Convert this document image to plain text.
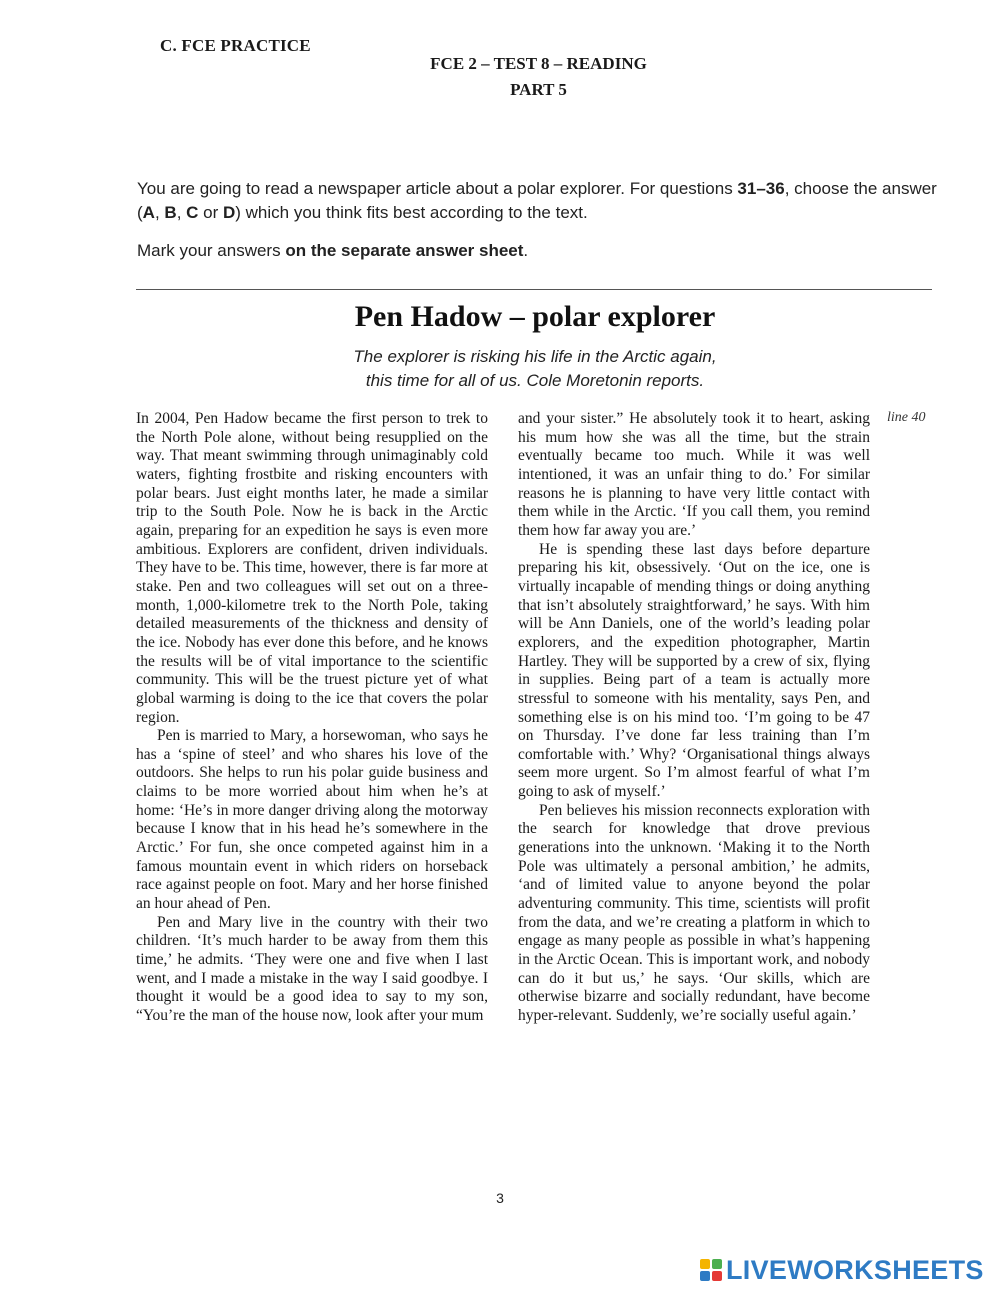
C. FCE PRACTICE
FCE 2 – TEST 8 – READING
PART 5

You are going to read a newspaper article about a polar explorer. For questions 31–36, choose the answer (A, B, C or D) which you think fits best according to the text.

Mark your answers on the separate answer sheet.

Pen Hadow – polar explorer
The explorer is risking his life in the Arctic again,
this time for all of us. Cole Moretonin reports.

In 2004, Pen Hadow became the first person to trek to the North Pole alone, without being resupplied on the way. That meant swimming through unimaginably cold waters, fighting frostbite and risking encounters with polar bears. Just eight months later, he made a similar trip to the South Pole. Now he is back in the Arctic again, preparing for an expedition he says is even more ambitious. Explorers are confident, driven individuals. They have to be. This time, however, there is far more at stake. Pen and two colleagues will set out on a three-month, 1,000-kilometre trek to the North Pole, taking detailed measurements of the thickness and density of the ice. Nobody has ever done this before, and he knows the results will be of vital importance to the scientific community. This will be the truest picture yet of what global warming is doing to the ice that covers the polar region.

Pen is married to Mary, a horsewoman, who says he has a ‘spine of steel’ and who shares his love of the outdoors. She helps to run his polar guide business and claims to be more worried about him when he’s at home: ‘He’s in more danger driving along the motorway because I know that in his head he’s somewhere in the Arctic.’ For fun, she once competed against him in a famous mountain event in which riders on horseback race against people on foot. Mary and her horse finished an hour ahead of Pen.

Pen and Mary live in the country with their two children. ‘It’s much harder to be away from them this time,’ he admits. ‘They were one and five when I last went, and I made a mistake in the way I said goodbye. I thought it would be a good idea to say to my son, “You’re the man of the house now, look after your mum

and your sister.” He absolutely took it to heart, asking his mum how she was all the time, but the strain eventually became too much. While it was well intentioned, it was an unfair thing to do.’ For similar reasons he is planning to have very little contact with them while in the Arctic. ‘If you call them, you remind them how far away you are.’

He is spending these last days before departure preparing his kit, obsessively. ‘Out on the ice, one is virtually incapable of mending things or doing anything that isn’t absolutely straightforward,’ he says. With him will be Ann Daniels, one of the world’s leading polar explorers, and the expedition photographer, Martin Hartley. They will be supported by a crew of six, flying in supplies. Being part of a team is actually more stressful to someone with his mentality, says Pen, and something else is on his mind too. ‘I’m going to be 47 on Thursday. I’ve done far less training than I’m comfortable with.’ Why? ‘Organisational things always seem more urgent. So I’m almost fearful of what I’m going to ask of myself.’

Pen believes his mission reconnects exploration with the search for knowledge that drove previous generations into the unknown. ‘Making it to the North Pole was ultimately a personal ambition,’ he admits, ‘and of limited value to anyone beyond the polar adventuring community. This time, scientists will profit from the data, and we’re creating a platform in which to engage as many people as possible in what’s happening in the Arctic Ocean. This is important work, and nobody can do it but us,’ he says. ‘Our skills, which are otherwise bizarre and socially redundant, have become hyper-relevant. Suddenly, we’re socially useful again.’

line 40
3
LIVEWORKSHEETS
